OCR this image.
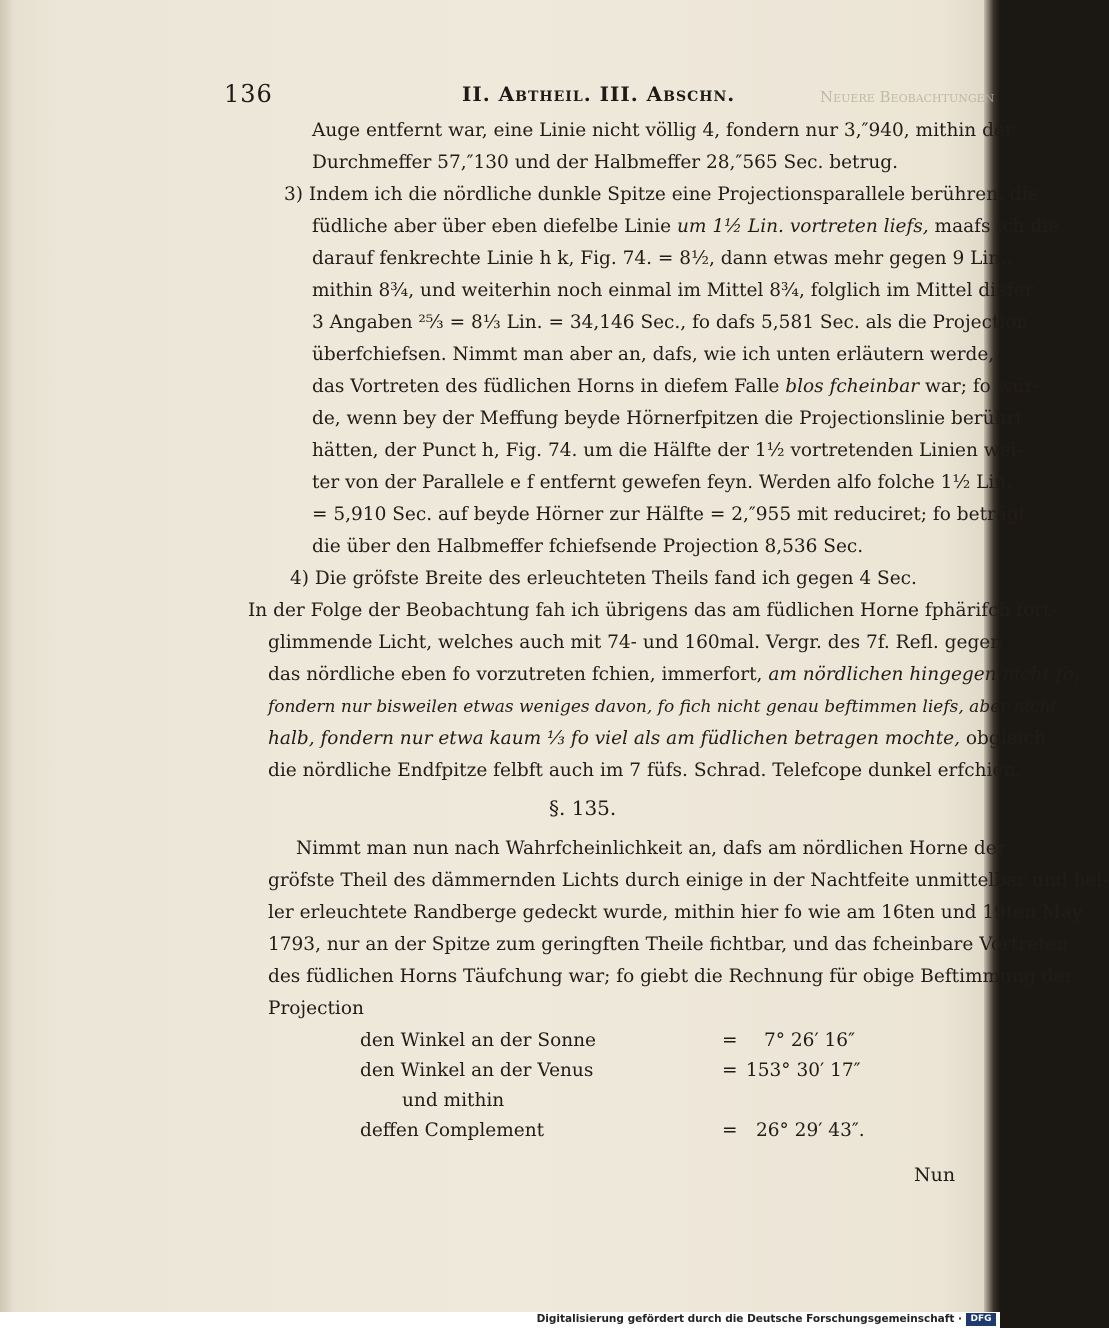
136	II. Abtheil. III. Abschn.	Neuere Beobachtungen
Auge entfernt war, eine Linie nicht völlig 4, fondern nur 3,″940, mithin der
Durchmeffer 57,″130 und der Halbmeffer 28,″565 Sec. betrug.
3) Indem ich die nördliche dunkle Spitze eine Projectionsparallele berühren, die
füdliche aber über eben diefelbe Linie um 1½ Lin. vortreten liefs, maafs ich die
darauf fenkrechte Linie h k, Fig. 74. = 8½, dann etwas mehr gegen 9 Lin.,
mithin 8¾, und weiterhin noch einmal im Mittel 8¾, folglich im Mittel diefer
3 Angaben ²⁵⁄₃ = 8⅓ Lin. = 34,146 Sec., fo dafs 5,581 Sec. als die Projection
überfchiefsen. Nimmt man aber an, dafs, wie ich unten erläutern werde,
das Vortreten des füdlichen Horns in diefem Falle blos fcheinbar war; fo wür-
de, wenn bey der Meffung beyde Hörnerfpitzen die Projectionslinie berührt
hätten, der Punct h, Fig. 74. um die Hälfte der 1½ vortretenden Linien wei-
ter von der Parallele e f entfernt gewefen feyn. Werden alfo folche 1½ Lin.
= 5,910 Sec. auf beyde Hörner zur Hälfte = 2,″955 mit reduciret; fo beträgt
die über den Halbmeffer fchiefsende Projection 8,536 Sec.
4) Die gröfste Breite des erleuchteten Theils fand ich gegen 4 Sec.
In der Folge der Beobachtung fah ich übrigens das am füdlichen Horne fphärifch fort-
glimmende Licht, welches auch mit 74- und 160mal. Vergr. des 7f. Refl. gegen
das nördliche eben fo vorzutreten fchien, immerfort, am nördlichen hingegen nicht fo,
fondern nur bisweilen etwas weniges davon, fo fich nicht genau beftimmen liefs, aber nicht
halb, fondern nur etwa kaum ⅓ fo viel als am füdlichen betragen mochte, obgleich
die nördliche Endfpitze felbft auch im 7 füfs. Schrad. Telefcope dunkel erfchien.
§. 135.
Nimmt man nun nach Wahrfcheinlichkeit an, dafs am nördlichen Horne der
gröfste Theil des dämmernden Lichts durch einige in der Nachtfeite unmittelbar und hel-
ler erleuchtete Randberge gedeckt wurde, mithin hier fo wie am 16ten und 19ten May
1793, nur an der Spitze zum geringften Theile fichtbar, und das fcheinbare Vortreten
des füdlichen Horns Täufchung war; fo giebt die Rechnung für obige Beftimmung der
Projection
den Winkel an der Sonne	= 7° 26′ 16″
den Winkel an der Venus	= 153° 30′ 17″
und mithin
deffen Complement	= 26° 29′ 43″.
Nun
Digitalisierung gefördert durch die Deutsche Forschungsgemeinschaft · DFG
